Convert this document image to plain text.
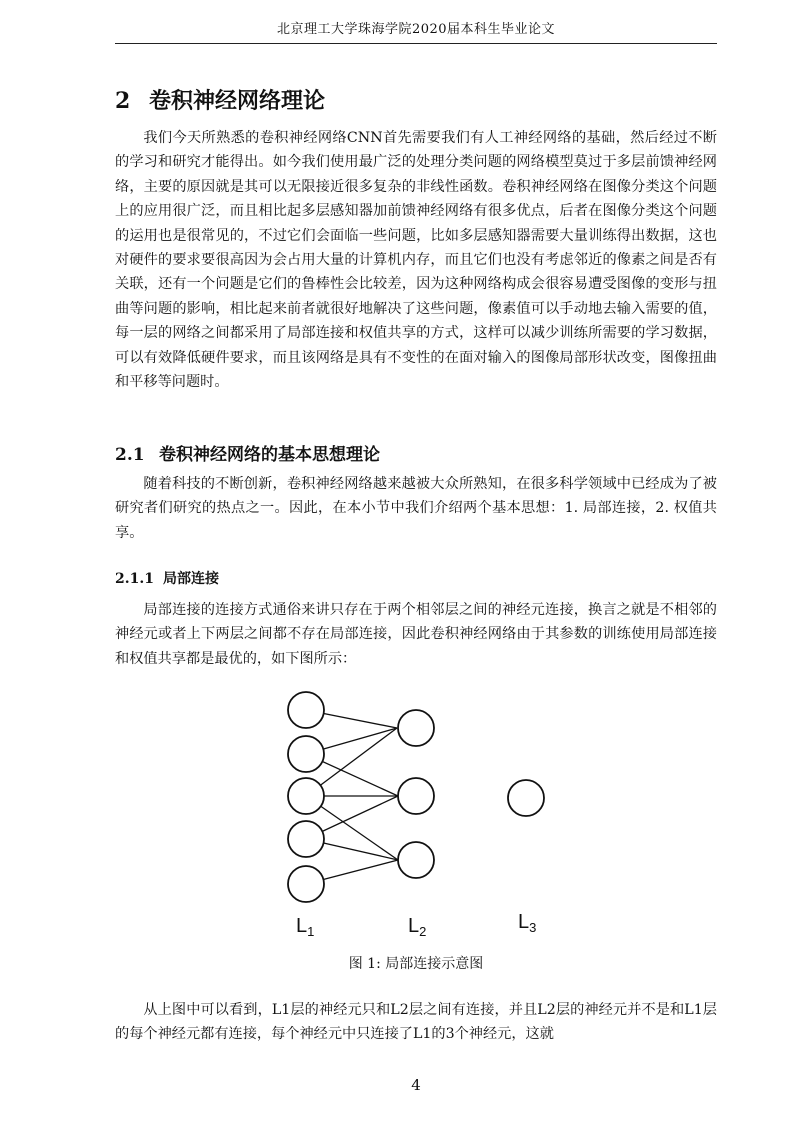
北京理工大学珠海学院2020届本科生毕业论文
2 卷积神经网络理论

我们今天所熟悉的卷积神经网络CNN首先需要我们有人工神经网络的基础，然后经过不断的学习和研究才能得出。如今我们使用最广泛的处理分类问题的网络模型莫过于多层前馈神经网络，主要的原因就是其可以无限接近很多复杂的非线性函数。卷积神经网络在图像分类这个问题上的应用很广泛，而且相比起多层感知器加前馈神经网络有很多优点，后者在图像分类这个问题的运用也是很常见的，不过它们会面临一些问题，比如多层感知器需要大量训练得出数据，这也对硬件的要求要很高因为会占用大量的计算机内存，而且它们也没有考虑邻近的像素之间是否有关联，还有一个问题是它们的鲁棒性会比较差，因为这种网络构成会很容易遭受图像的变形与扭曲等问题的影响，相比起来前者就很好地解决了这些问题，像素值可以手动地去输入需要的值，每一层的网络之间都采用了局部连接和权值共享的方式，这样可以减少训练所需要的学习数据，可以有效降低硬件要求，而且该网络是具有不变性的在面对输入的图像局部形状改变，图像扭曲和平移等问题时。

2.1 卷积神经网络的基本思想理论

随着科技的不断创新，卷积神经网络越来越被大众所熟知，在很多科学领域中已经成为了被研究者们研究的热点之一。因此，在本小节中我们介绍两个基本思想：1. 局部连接，2. 权值共享。

2.1.1 局部连接

局部连接的连接方式通俗来讲只存在于两个相邻层之间的神经元连接，换言之就是不相邻的神经元或者上下两层之间都不存在局部连接，因此卷积神经网络由于其参数的训练使用局部连接和权值共享都是最优的，如下图所示：

$L_1$	$L_2$	$L_3$
图 1: 局部连接示意图

从上图中可以看到，L1层的神经元只和L2层之间有连接，并且L2层的神经元并不是和L1层的每个神经元都有连接，每个神经元中只连接了L1的3个神经元，这就

4
